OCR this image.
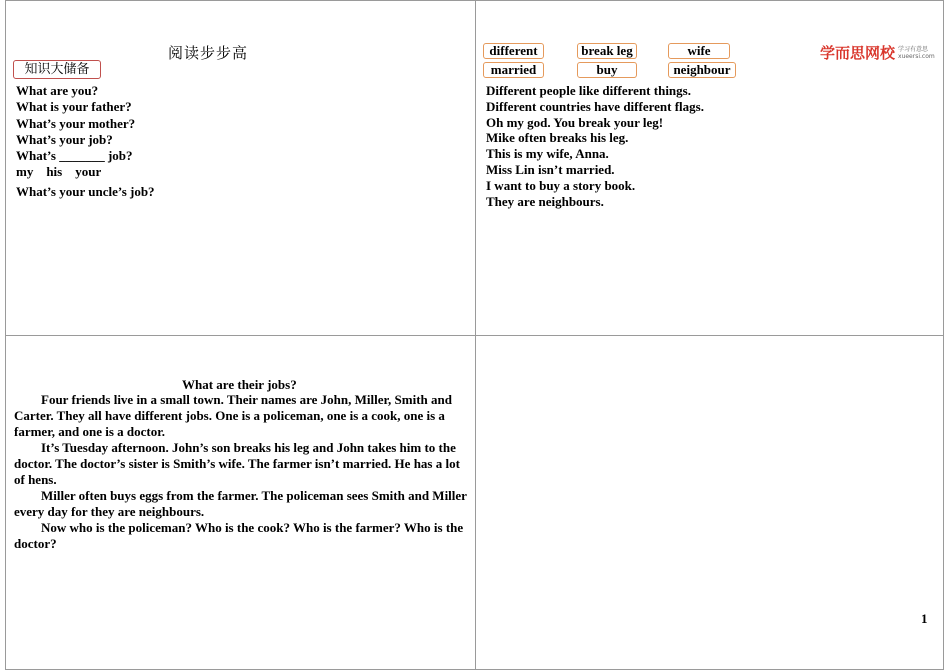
阅读步步高
知识大储备
What are you?
What is your father?
What’s your mother?
What’s your job?
What’s _______ job?
my    his    your
What’s your uncle’s job?
different	break leg	wife
married	buy	neighbour
学而思网校 学习有意思
xueersi.com
Different people like different things.
Different countries have different flags.
Oh my god. You break your leg!
Mike often breaks his leg.
This is my wife, Anna.
Miss Lin isn’t married.
I want to buy a story book.
They are neighbours.
What are their jobs?

Four friends live in a small town. Their names are John, Miller, Smith and Carter. They all have different jobs. One is a policeman, one is a cook, one is a farmer, and one is a doctor.

It’s Tuesday afternoon. John’s son breaks his leg and John takes him to the doctor. The doctor’s sister is Smith’s wife. The farmer isn’t married. He has a lot of hens.

Miller often buys eggs from the farmer. The policeman sees Smith and Miller every day for they are neighbours.

Now who is the policeman? Who is the cook? Who is the farmer? Who is the doctor?

1
